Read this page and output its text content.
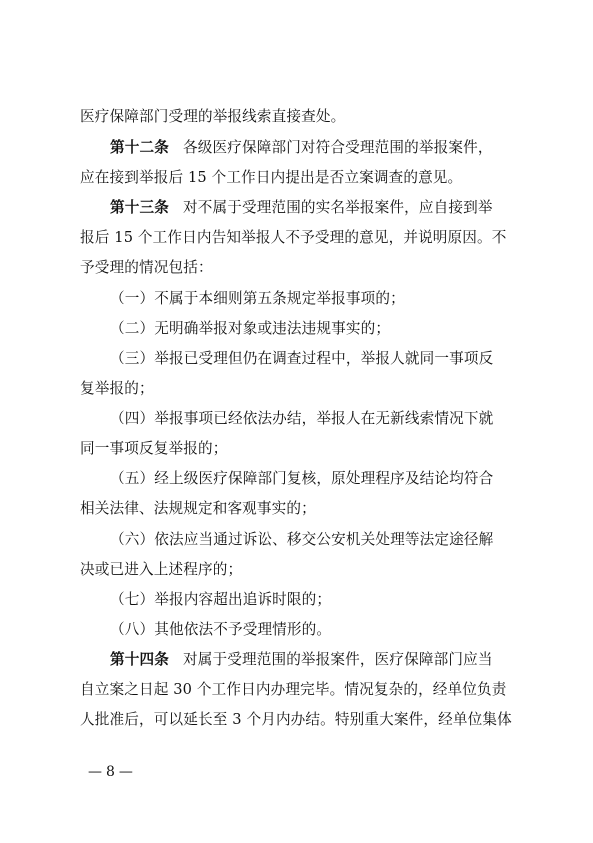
医疗保障部门受理的举报线索直接查处。
第十二条 各级医疗保障部门对符合受理范围的举报案件，
应在接到举报后 15 个工作日内提出是否立案调查的意见。
第十三条 对不属于受理范围的实名举报案件，应自接到举
报后 15 个工作日内告知举报人不予受理的意见，并说明原因。不
予受理的情况包括：
（一）不属于本细则第五条规定举报事项的；
（二）无明确举报对象或违法违规事实的；
（三）举报已受理但仍在调查过程中，举报人就同一事项反
复举报的；
（四）举报事项已经依法办结，举报人在无新线索情况下就
同一事项反复举报的；
（五）经上级医疗保障部门复核，原处理程序及结论均符合
相关法律、法规规定和客观事实的；
（六）依法应当通过诉讼、移交公安机关处理等法定途径解
决或已进入上述程序的；
（七）举报内容超出追诉时限的；
（八）其他依法不予受理情形的。
第十四条 对属于受理范围的举报案件，医疗保障部门应当
自立案之日起 30 个工作日内办理完毕。情况复杂的，经单位负责
人批准后，可以延长至 3 个月内办结。特别重大案件，经单位集体
— 8 —
